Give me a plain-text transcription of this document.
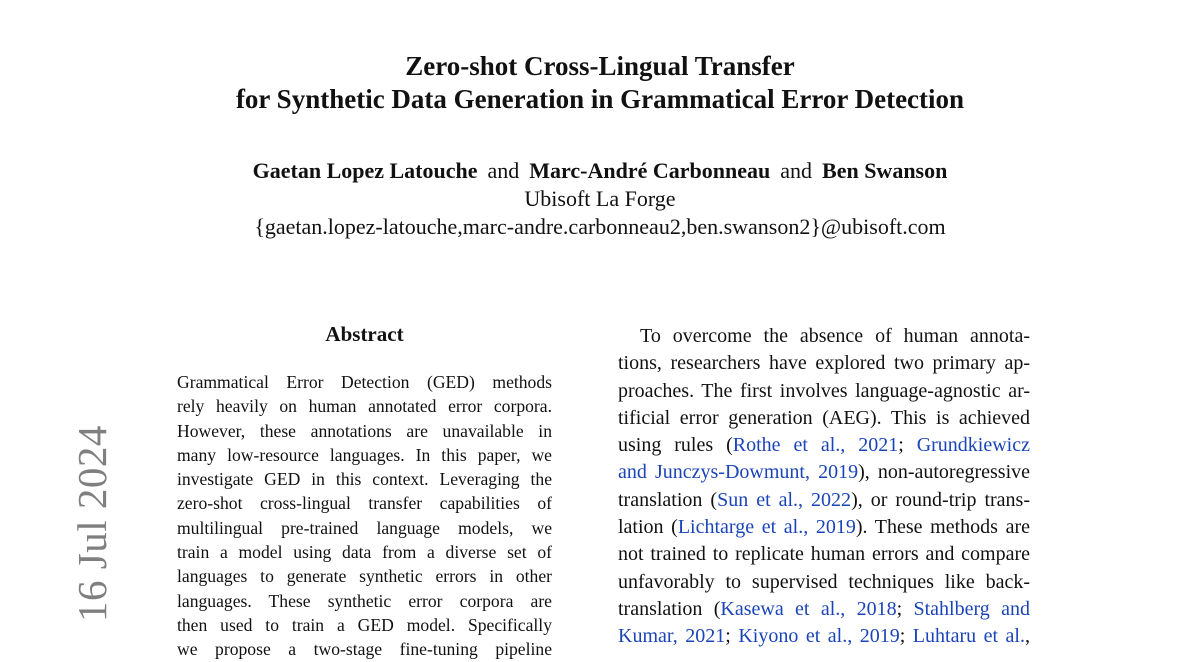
16 Jul 2024
Zero-shot Cross-Lingual Transfer
for Synthetic Data Generation in Grammatical Error Detection
Gaetan Lopez Latouche and Marc-André Carbonneau and Ben Swanson
Ubisoft La Forge
{gaetan.lopez-latouche,marc-andre.carbonneau2,ben.swanson2}@ubisoft.com
Abstract
Grammatical Error Detection (GED) methods
rely heavily on human annotated error corpora.
However, these annotations are unavailable in
many low-resource languages. In this paper, we
investigate GED in this context. Leveraging the
zero-shot cross-lingual transfer capabilities of
multilingual pre-trained language models, we
train a model using data from a diverse set of
languages to generate synthetic errors in other
languages. These synthetic error corpora are
then used to train a GED model. Specifically
we propose a two-stage fine-tuning pipeline
To overcome the absence of human annota-
tions, researchers have explored two primary ap-
proaches. The first involves language-agnostic ar-
tificial error generation (AEG). This is achieved
using rules (Rothe et al., 2021; Grundkiewicz
and Junczys-Dowmunt, 2019), non-autoregressive
translation (Sun et al., 2022), or round-trip trans-
lation (Lichtarge et al., 2019). These methods are
not trained to replicate human errors and compare
unfavorably to supervised techniques like back-
translation (Kasewa et al., 2018; Stahlberg and
Kumar, 2021; Kiyono et al., 2019; Luhtaru et al.,
